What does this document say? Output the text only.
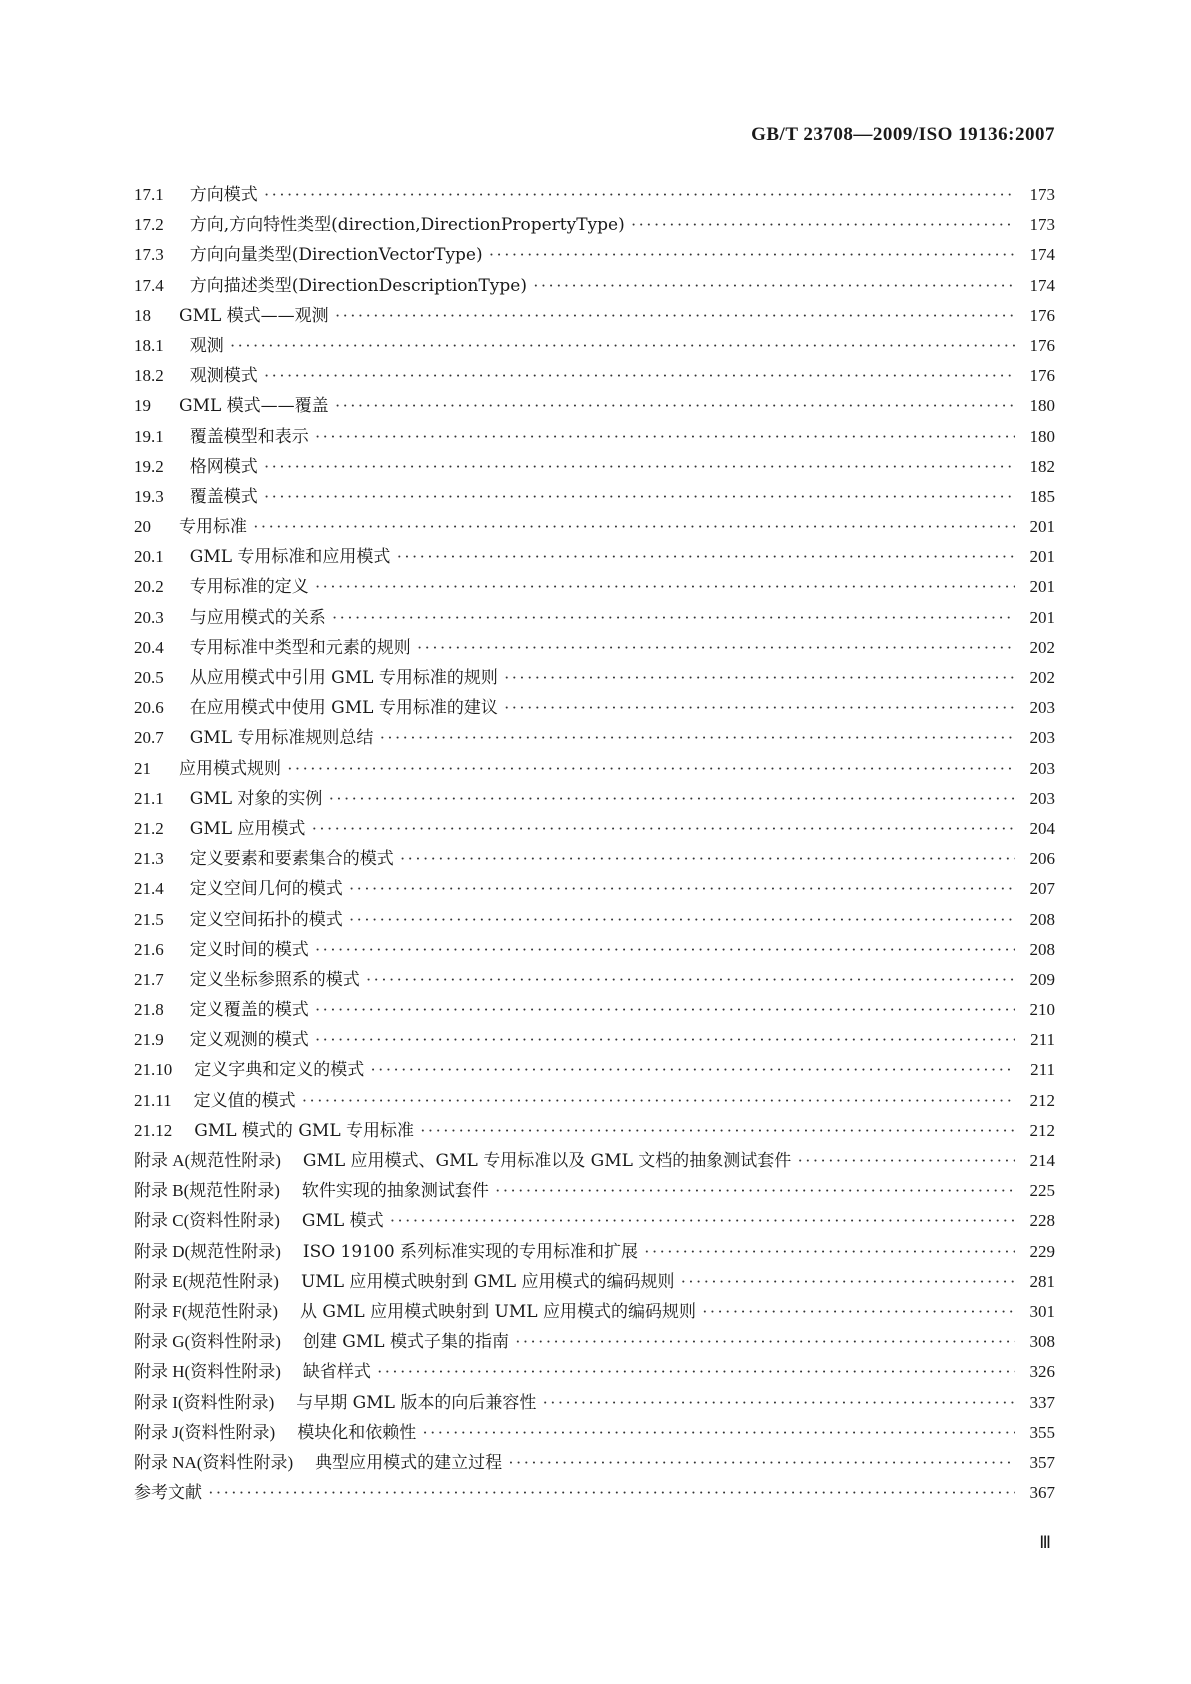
GB/T 23708—2009/ISO 19136:2007
17.1 方向模式 ·····	173
17.2 方向,方向特性类型(direction,DirectionPropertyType) ·····	173
17.3 方向向量类型(DirectionVectorType) ·····	174
17.4 方向描述类型(DirectionDescriptionType) ·····	174
18 GML 模式——观测 ·····	176
18.1 观测 ·····	176
18.2 观测模式 ·····	176
19 GML 模式——覆盖 ·····	180
19.1 覆盖模型和表示 ·····	180
19.2 格网模式 ·····	182
19.3 覆盖模式 ·····	185
20 专用标准 ·····	201
20.1 GML 专用标准和应用模式 ·····	201
20.2 专用标准的定义 ·····	201
20.3 与应用模式的关系 ·····	201
20.4 专用标准中类型和元素的规则 ·····	202
20.5 从应用模式中引用 GML 专用标准的规则 ·····	202
20.6 在应用模式中使用 GML 专用标准的建议 ·····	203
20.7 GML 专用标准规则总结 ·····	203
21 应用模式规则 ·····	203
21.1 GML 对象的实例 ·····	203
21.2 GML 应用模式 ·····	204
21.3 定义要素和要素集合的模式 ·····	206
21.4 定义空间几何的模式 ·····	207
21.5 定义空间拓扑的模式 ·····	208
21.6 定义时间的模式 ·····	208
21.7 定义坐标参照系的模式 ·····	209
21.8 定义覆盖的模式 ·····	210
21.9 定义观测的模式 ·····	211
21.10 定义字典和定义的模式 ·····	211
21.11 定义值的模式 ·····	212
21.12 GML 模式的 GML 专用标准 ·····	212
附录 A(规范性附录) GML 应用模式、GML 专用标准以及 GML 文档的抽象测试套件 ·····	214
附录 B(规范性附录) 软件实现的抽象测试套件 ·····	225
附录 C(资料性附录) GML 模式 ·····	228
附录 D(规范性附录) ISO 19100 系列标准实现的专用标准和扩展 ·····	229
附录 E(规范性附录) UML 应用模式映射到 GML 应用模式的编码规则 ·····	281
附录 F(规范性附录) 从 GML 应用模式映射到 UML 应用模式的编码规则 ·····	301
附录 G(资料性附录) 创建 GML 模式子集的指南 ·····	308
附录 H(资料性附录) 缺省样式 ·····	326
附录 I(资料性附录) 与早期 GML 版本的向后兼容性 ·····	337
附录 J(资料性附录) 模块化和依赖性 ·····	355
附录 NA(资料性附录) 典型应用模式的建立过程 ·····	357
参考文献 ·····	367
Ⅲ
